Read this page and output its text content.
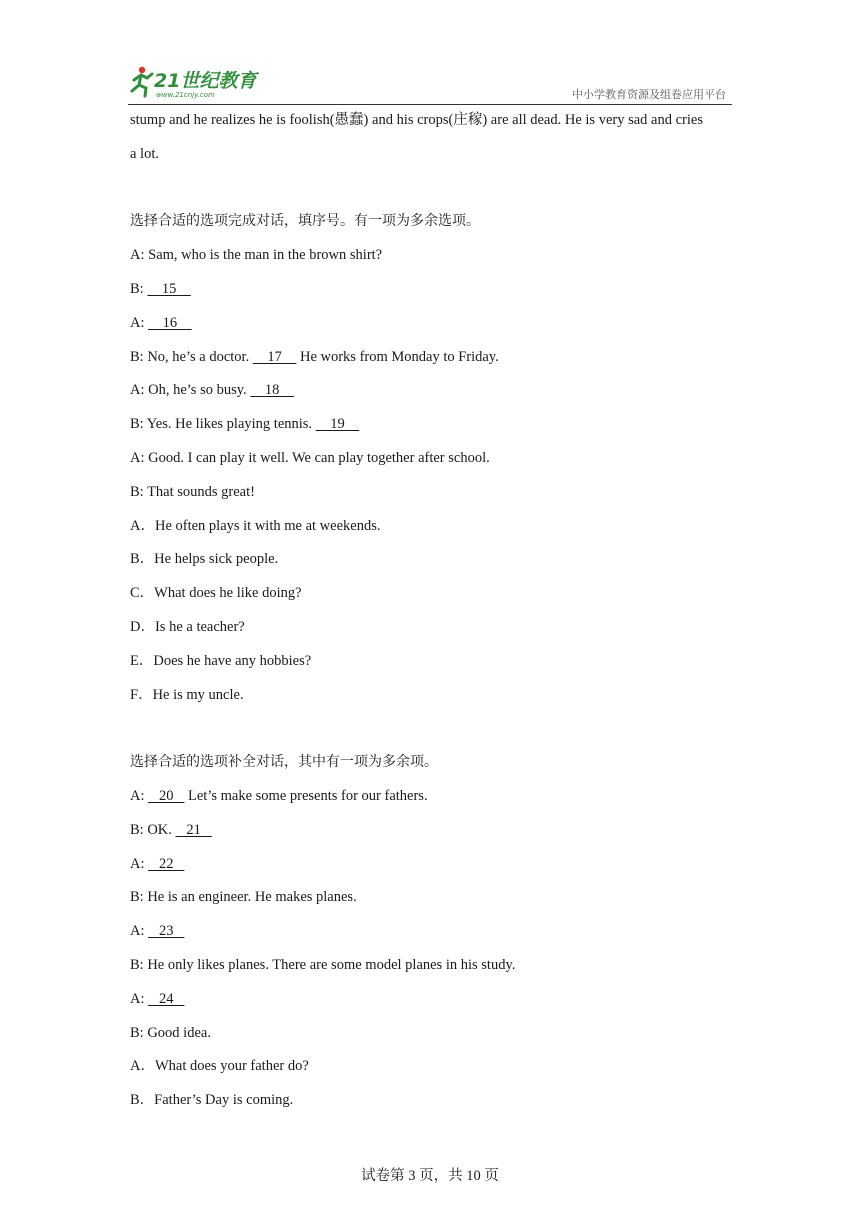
21世纪教育
www.21cnjy.com	中小学教育资源及组卷应用平台
stump and he realizes he is foolish(愚蠢) and his crops(庄稼) are all dead. He is very sad and cries
a lot.
选择合适的选项完成对话，填序号。有一项为多余选项。
A: Sam, who is the man in the brown shirt?
B:     15
A:     16
B: No, he’s a doctor.     17     He works from Monday to Friday.
A: Oh, he’s so busy.     18
B: Yes. He likes playing tennis.     19
A: Good. I can play it well. We can play together after school.
B: That sounds great!
A．He often plays it with me at weekends.
B．He helps sick people.
C．What does he like doing?
D．Is he a teacher?
E．Does he have any hobbies?
F．He is my uncle.
选择合适的选项补全对话，其中有一项为多余项。
A:    20    Let’s make some presents for our fathers.
B: OK.    21
A:    22
B: He is an engineer. He makes planes.
A:    23
B: He only likes planes. There are some model planes in his study.
A:    24
B: Good idea.
A．What does your father do?
B．Father’s Day is coming.
试卷第 3 页，共 10 页
